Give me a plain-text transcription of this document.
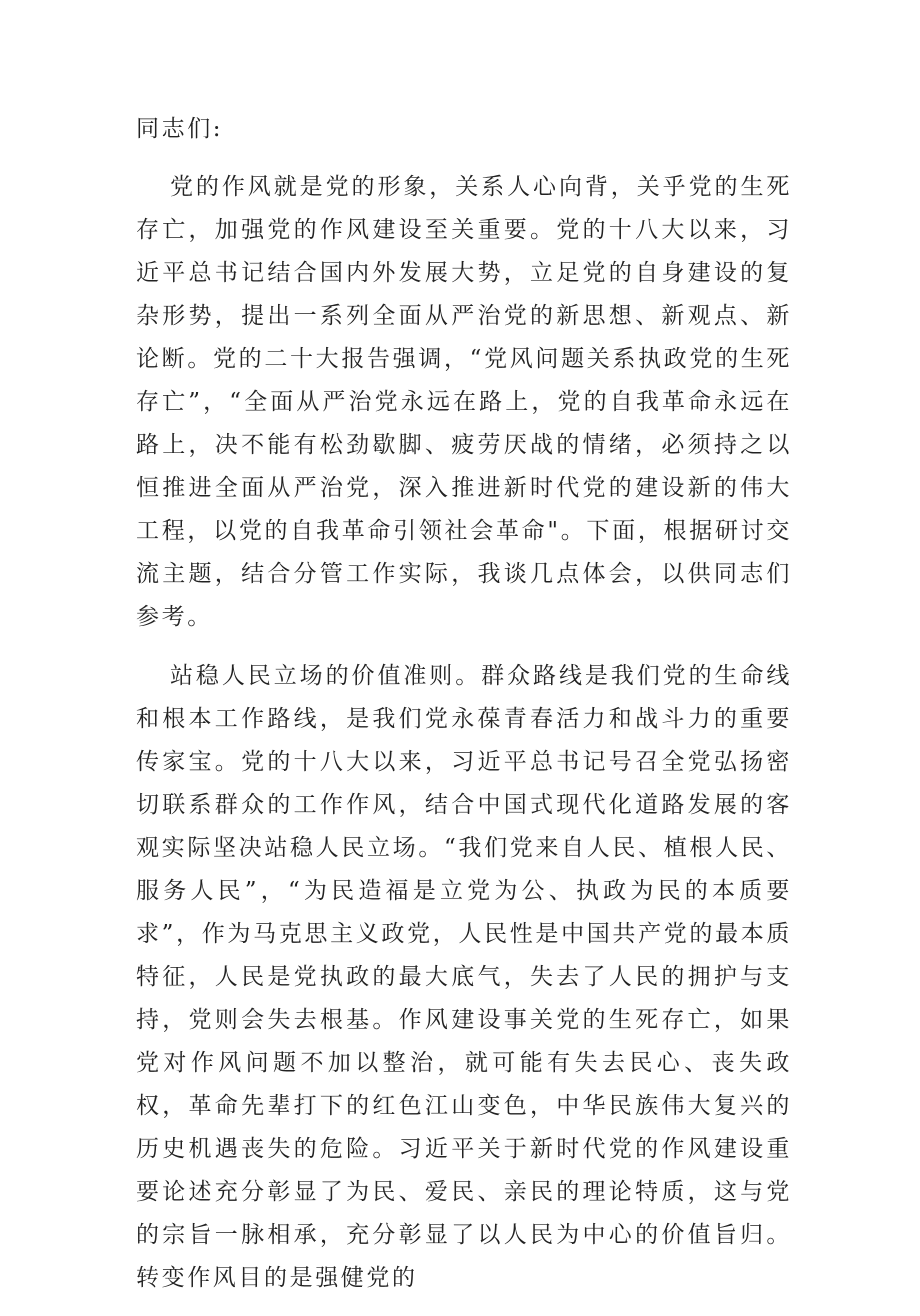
同志们:

党的作风就是党的形象，关系人心向背，关乎党的生死存亡，加强党的作风建设至关重要。党的十八大以来，习近平总书记结合国内外发展大势，立足党的自身建设的复杂形势，提出一系列全面从严治党的新思想、新观点、新论断。党的二十大报告强调，“党风问题关系执政党的生死存亡”，“全面从严治党永远在路上，党的自我革命永远在路上，决不能有松劲歇脚、疲劳厌战的情绪，必须持之以恒推进全面从严治党，深入推进新时代党的建设新的伟大工程，以党的自我革命引领社会革命"。下面，根据研讨交流主题，结合分管工作实际，我谈几点体会，以供同志们参考。

站稳人民立场的价值准则。群众路线是我们党的生命线和根本工作路线，是我们党永葆青春活力和战斗力的重要传家宝。党的十八大以来，习近平总书记号召全党弘扬密切联系群众的工作作风，结合中国式现代化道路发展的客观实际坚决站稳人民立场。“我们党来自人民、植根人民、服务人民”，“为民造福是立党为公、执政为民的本质要求”，作为马克思主义政党，人民性是中国共产党的最本质特征，人民是党执政的最大底气，失去了人民的拥护与支持，党则会失去根基。作风建设事关党的生死存亡，如果党对作风问题不加以整治，就可能有失去民心、丧失政权，革命先辈打下的红色江山变色，中华民族伟大复兴的历史机遇丧失的危险。习近平关于新时代党的作风建设重要论述充分彰显了为民、爱民、亲民的理论特质，这与党的宗旨一脉相承，充分彰显了以人民为中心的价值旨归。转变作风目的是强健党的
